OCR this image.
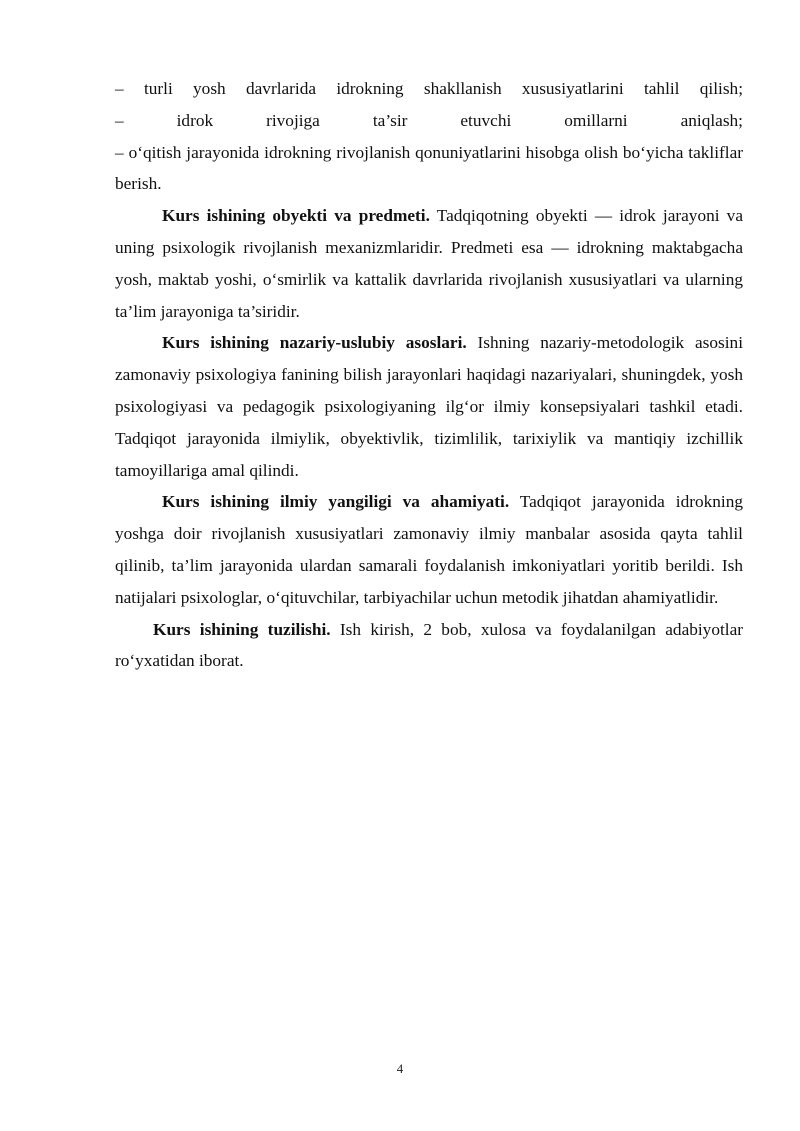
– turli yosh davrlarida idrokning shakllanish xususiyatlarini tahlil qilish;
– idrok rivojiga ta’sir etuvchi omillarni aniqlash;

– o‘qitish jarayonida idrokning rivojlanish qonuniyatlarini hisobga olish bo‘yicha takliflar berish.

Kurs ishining obyekti va predmeti. Tadqiqotning obyekti — idrok jarayoni va uning psixologik rivojlanish mexanizmlaridir. Predmeti esa — idrokning maktabgacha yosh, maktab yoshi, o‘smirlik va kattalik davrlarida rivojlanish xususiyatlari va ularning ta’lim jarayoniga ta’siridir.

Kurs ishining nazariy-uslubiy asoslari. Ishning nazariy-metodologik asosini zamonaviy psixologiya fanining bilish jarayonlari haqidagi nazariyalari, shuningdek, yosh psixologiyasi va pedagogik psixologiyaning ilg‘or ilmiy konsepsiyalari tashkil etadi. Tadqiqot jarayonida ilmiylik, obyektivlik, tizimlilik, tarixiylik va mantiqiy izchillik tamoyillariga amal qilindi.

Kurs ishining ilmiy yangiligi va ahamiyati. Tadqiqot jarayonida idrokning yoshga doir rivojlanish xususiyatlari zamonaviy ilmiy manbalar asosida qayta tahlil qilinib, ta’lim jarayonida ulardan samarali foydalanish imkoniyatlari yoritib berildi. Ish natijalari psixologlar, o‘qituvchilar, tarbiyachilar uchun metodik jihatdan ahamiyatlidir.

Kurs ishining tuzilishi. Ish kirish, 2 bob, xulosa va foydalanilgan adabiyotlar ro‘yxatidan iborat.

4
